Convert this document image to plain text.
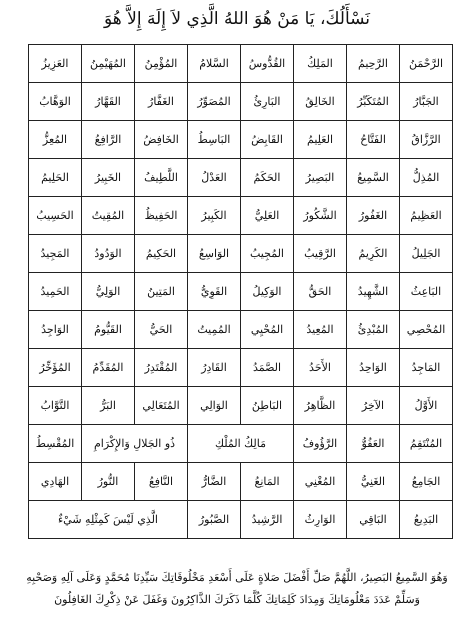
نَسْأَلُكَ، يَا مَنْ هُوَ اللهُ الَّذِي لاَ إِلَهَ إِلاَّ هُوَ
الرَّحْمَنُ	الرَّحِيمُ	المَلِكُ	القُدُّوسُ	السَّلامُ	المُؤْمِنُ	المُهَيْمِنُ	العَزِيزُ
الجَبَّارُ	المُتَكَبِّرُ	الخَالِقُ	البَارِئُ	المُصَوِّرُ	الغَفَّارُ	القَهَّارُ	الوَهَّابُ
الرَّزَّاقُ	الفَتَّاحُ	العَلِيمُ	القَابِضُ	البَاسِطُ	الخَافِضُ	الرَّافِعُ	المُعِزُّ
المُذِلُّ	السَّمِيعُ	البَصِيرُ	الحَكَمُ	العَدْلُ	اللَّطِيفُ	الخَبِيرُ	الحَلِيمُ
العَظِيمُ	الغَفُورُ	الشَّكُورُ	العَلِيُّ	الكَبِيرُ	الحَفِيظُ	المُقِيتُ	الحَسِيبُ
الجَلِيلُ	الكَرِيمُ	الرَّقِيبُ	المُجِيبُ	الوَاسِعُ	الحَكِيمُ	الوَدُودُ	المَجِيدُ
البَاعِثُ	الشَّهِيدُ	الحَقُّ	الوَكِيلُ	القَوِيُّ	المَتِينُ	الوَلِيُّ	الحَمِيدُ
المُحْصِي	المُبْدِئُ	المُعِيدُ	المُحْيِي	المُمِيتُ	الحَيُّ	القَيُّومُ	الوَاجِدُ
المَاجِدُ	الوَاحِدُ	الأَحَدُ	الصَّمَدُ	القَادِرُ	المُقْتَدِرُ	المُقَدِّمُ	المُؤَخِّرُ
الأَوَّلُ	الآخِرُ	الظَّاهِرُ	البَاطِنُ	الوَالِي	المُتَعَالِي	البَرُّ	التَّوَّابُ
المُنْتَقِمُ	العَفُوُّ	الرَّؤُوفُ	مَالِكُ المُلْكِ		ذُو الجَلالِ وَالإِكْرَامِ		المُقْسِطُ
الجَامِعُ	الغَنِيُّ	المُغْنِي	المَانِعُ	الضَّارُّ	النَّافِعُ	النُّورُ	الهَادِي
البَدِيعُ	البَاقِي	الوَارِثُ	الرَّشِيدُ	الصَّبُورُ	الَّذِي لَيْسَ كَمِثْلِهِ شَيْءٌ		
وَهُوَ السَّمِيعُ البَصِيرُ، اللَّهُمَّ صَلِّ أَفْضَلَ صَلاةٍ عَلَى أَسْعَدِ مَخْلُوقَاتِكَ سَيِّدِنَا مُحَمَّدٍ وَعَلَى آلِهِ وَصَحْبِهِ وَسَلِّمْ عَدَدَ مَعْلُومَاتِكَ وَمِدَادَ كَلِمَاتِكَ كُلَّمَا ذَكَرَكَ الذَّاكِرُونَ وَغَفَلَ عَنْ ذِكْرِكَ الغَافِلُونَ
